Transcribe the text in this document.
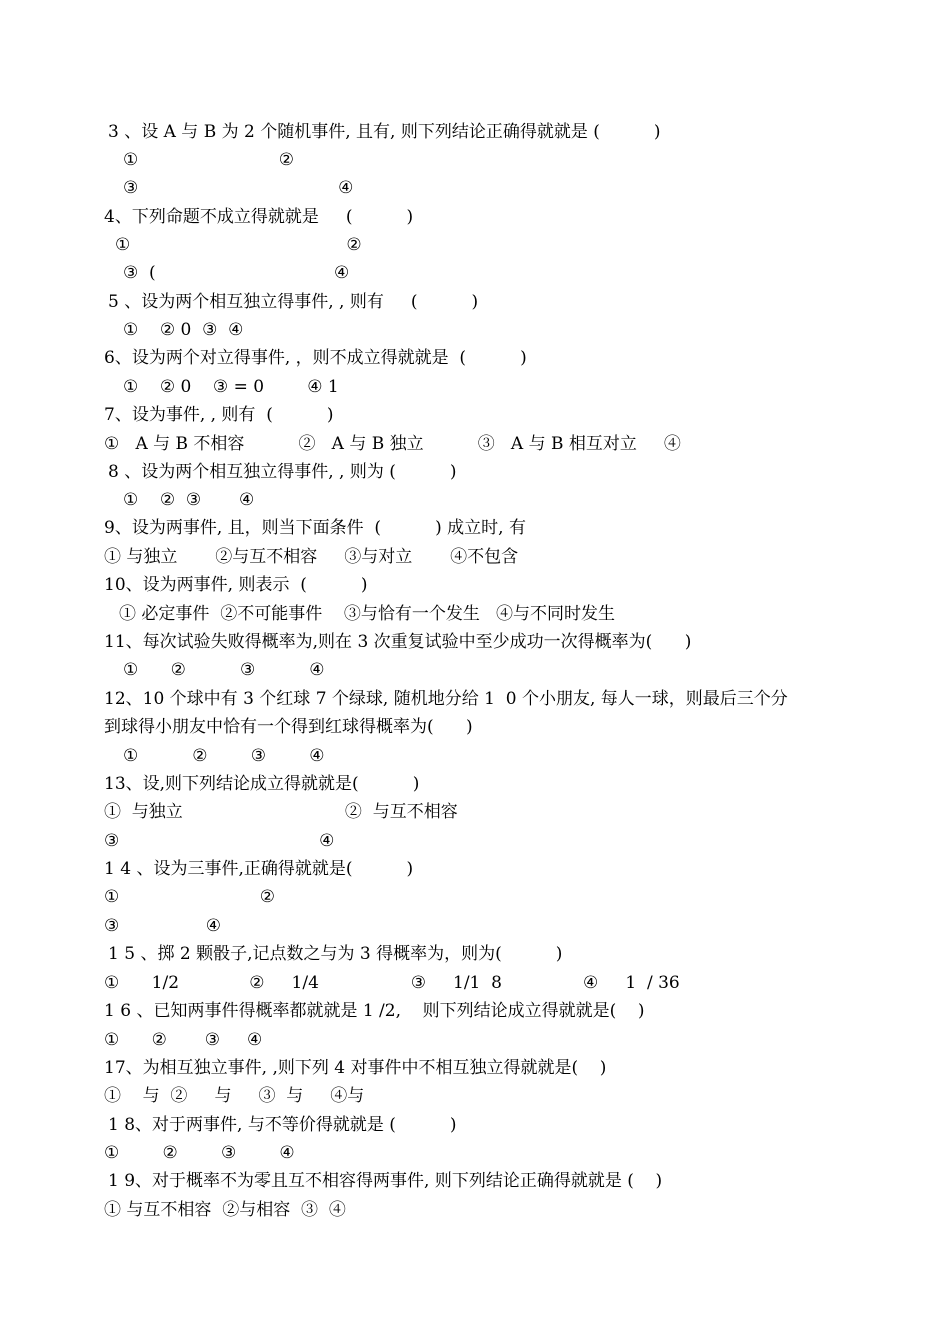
3 、设 A 与 B 为 2 个随机事件, 且有, 则下列结论正确得就就是 (          )
①                          ②
③                                     ④
4、下列命题不成立得就就是     (          )
①                                        ②
③  (                                 ④
5 、设为两个相互独立得事件, , 则有     (          )
①    ② 0  ③  ④
6、设为两个对立得事件, ，则不成立得就就是  (          )
①    ② 0    ③ = 0        ④ 1
7、设为事件, , 则有  (          )
①   A 与 B 不相容          ②   A 与 B 独立          ③   A 与 B 相互对立     ④
8 、设为两个相互独立得事件, , 则为 (          )
①    ②  ③       ④
9、设为两事件, 且，则当下面条件  (          ) 成立时, 有
① 与独立       ②与互不相容     ③与对立       ④不包含
10、设为两事件, 则表示  (          )
① 必定事件  ②不可能事件    ③与恰有一个发生   ④与不同时发生
11、每次试验失败得概率为,则在 3 次重复试验中至少成功一次得概率为(      )
①      ②          ③          ④
12、10 个球中有 3 个红球 7 个绿球, 随机地分给 1  0 个小朋友, 每人一球，则最后三个分
到球得小朋友中恰有一个得到红球得概率为(      )
①          ②        ③        ④
13、设,则下列结论成立得就就是(          )
①  与独立                              ②  与互不相容
③                                     ④
1 4 、设为三事件,正确得就就是(          )
①                          ②
③                ④
1 5 、掷 2 颗骰子,记点数之与为 3 得概率为，则为(          )
①      1/2             ②     1/4                 ③     1/1  8               ④     1  / 36
1 6 、已知两事件得概率都就就是 1 /2,    则下列结论成立得就就是(    )
①      ②       ③     ④
17、为相互独立事件, ,则下列 4 对事件中不相互独立得就就是(    )
①    与  ②     与     ③  与     ④与
1 8、对于两事件, 与不等价得就就是 (          )
①        ②        ③        ④
1 9、对于概率不为零且互不相容得两事件, 则下列结论正确得就就是 (    )
① 与互不相容  ②与相容  ③  ④
